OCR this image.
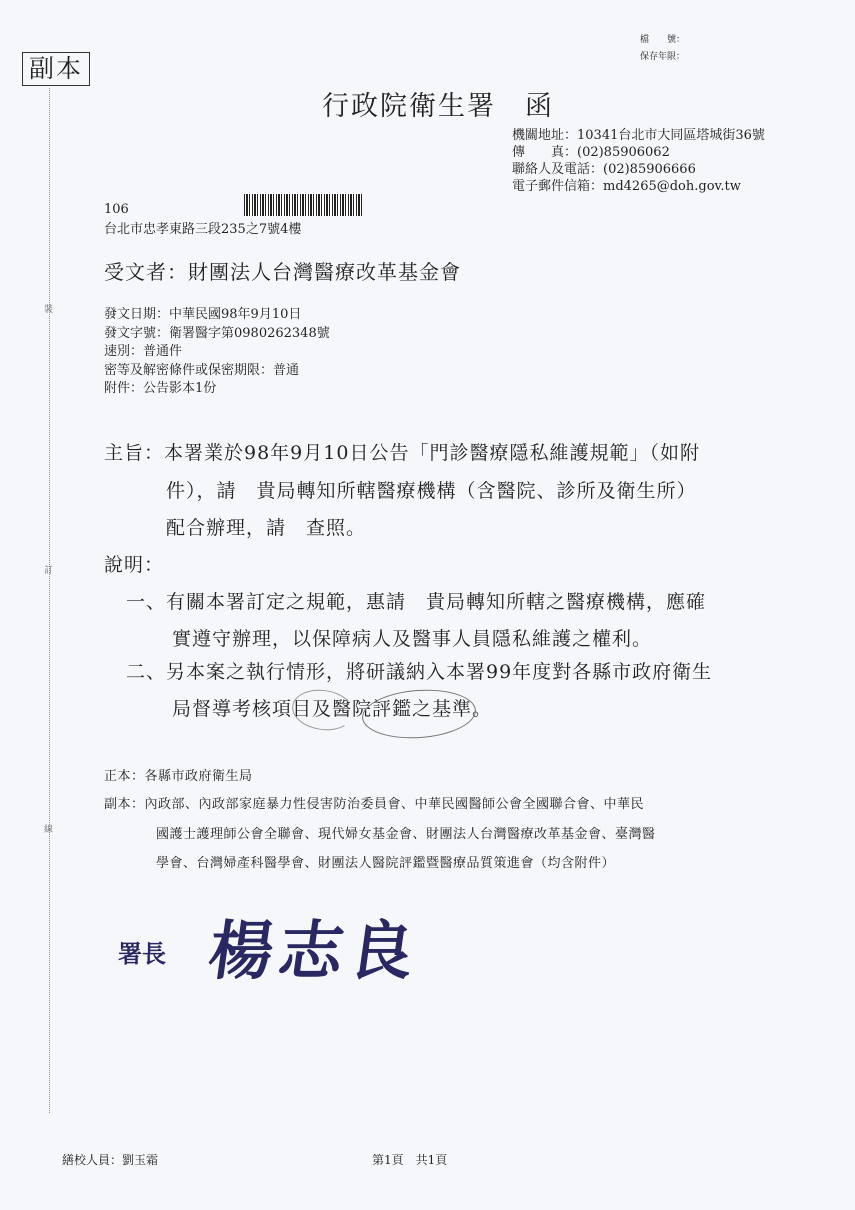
副本
裝
訂
線
檔　　號：
保存年限：
行政院衛生署　函
機關地址：10341台北市大同區塔城街36號
傳　　真：(02)85906062
聯絡人及電話：(02)85906666
電子郵件信箱：md4265@doh.gov.tw
106
台北市忠孝東路三段235之7號4樓
受文者：財團法人台灣醫療改革基金會
發文日期：中華民國98年9月10日
發文字號：衛署醫字第0980262348號
速別：普通件
密等及解密條件或保密期限：普通
附件：公告影本1份
主旨：本署業於98年9月10日公告「門診醫療隱私維護規範」（如附
件），請　貴局轉知所轄醫療機構（含醫院、診所及衛生所）
配合辦理，請　查照。
說明：
一、有關本署訂定之規範，惠請　貴局轉知所轄之醫療機構，應確
實遵守辦理，以保障病人及醫事人員隱私維護之權利。
二、另本案之執行情形，將研議納入本署99年度對各縣市政府衛生
局督導考核項目及醫院評鑑之基準。
正本：各縣市政府衛生局
副本：內政部、內政部家庭暴力性侵害防治委員會、中華民國醫師公會全國聯合會、中華民
國護士護理師公會全聯會、現代婦女基金會、財團法人台灣醫療改革基金會、臺灣醫
學會、台灣婦產科醫學會、財團法人醫院評鑑暨醫療品質策進會（均含附件）
署長 楊志良
繕校人員：劉玉霜	第1頁　共1頁
